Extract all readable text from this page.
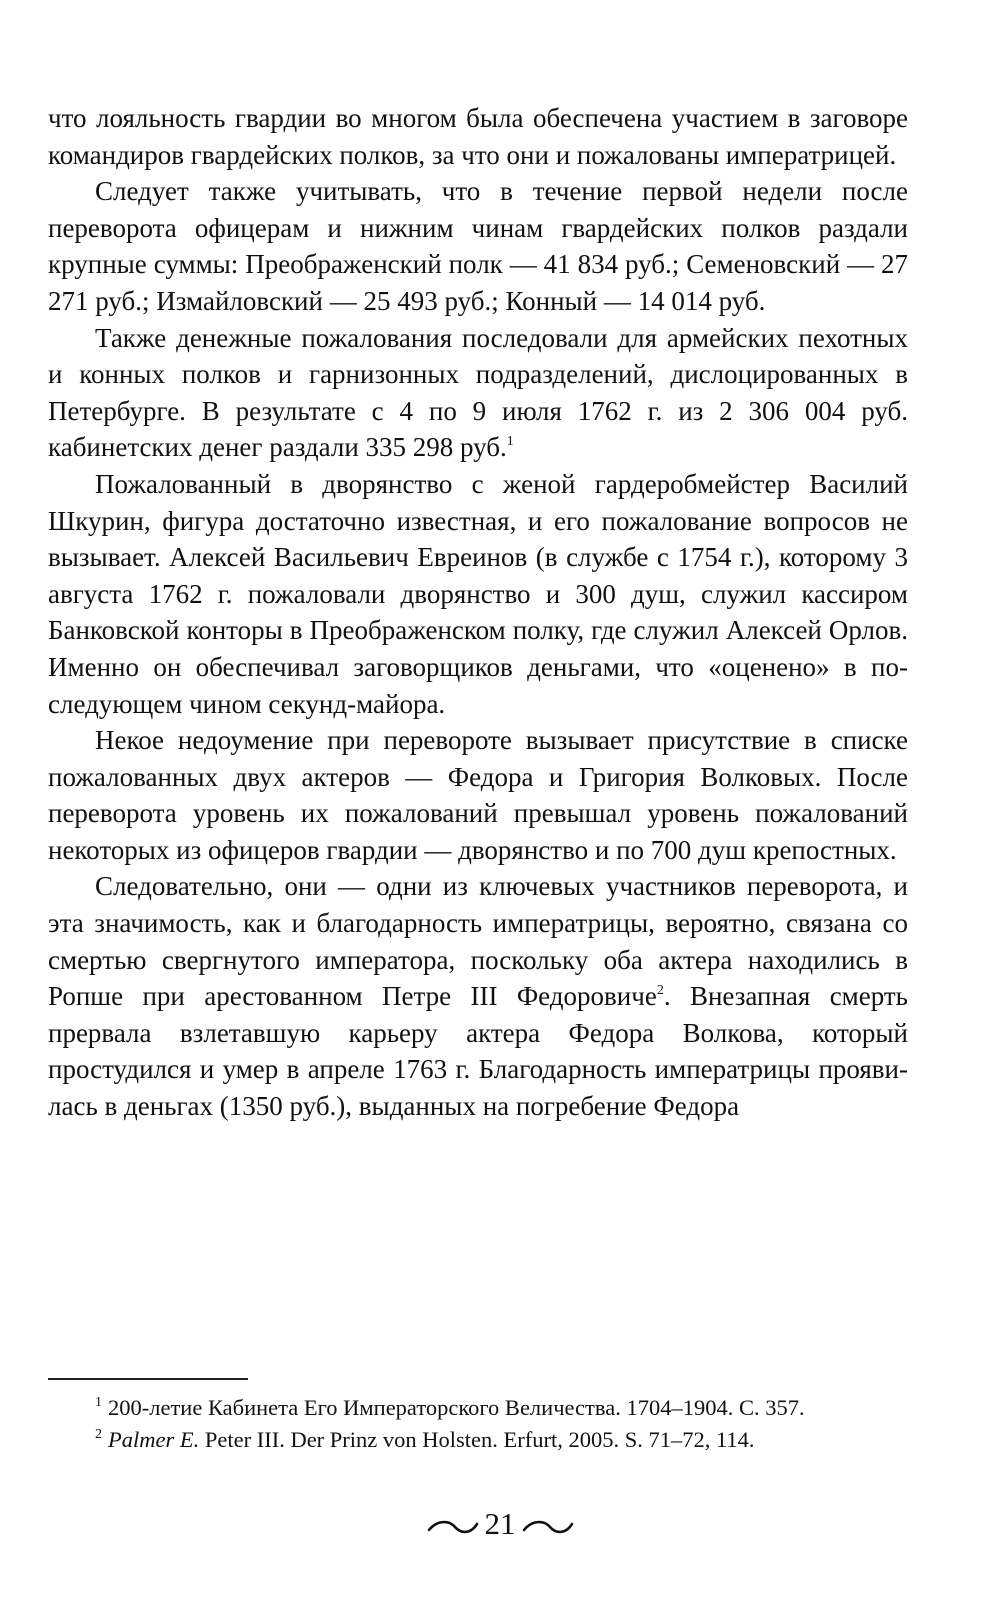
что лояльность гвардии во многом была обеспечена участием в заговоре командиров гвардейских полков, за что они и пожалованы императрицей.

Следует также учитывать, что в течение первой недели после переворота офицерам и нижним чинам гвардейских полков раздали крупные суммы: Преображенский полк — 41 834 руб.; Семеновский — 27 271 руб.; Измайловский — 25 493 руб.; Конный — 14 014 руб.

Также денежные пожалования последовали для армейских пехотных и конных полков и гарнизонных подразделений, дислоцированных в Петербурге. В результате с 4 по 9 июля 1762 г. из 2 306 004 руб. кабинетских денег раздали 335 298 руб.$^1$

Пожалованный в дворянство с женой гардеробмейстер Василий Шкурин, фигура достаточно известная, и его пожалование вопросов не вызывает. Алексей Васильевич Евреинов (в службе с 1754 г.), которому 3 августа 1762 г. пожаловали дворянство и 300 душ, служил кассиром Банковской конторы в Преображенском полку, где служил Алексей Орлов. Именно он обеспечивал заговорщиков деньгами, что «оценено» в последующем чином секунд-майора.

Некое недоумение при перевороте вызывает присутствие в списке пожалованных двух актеров — Федора и Григория Волковых. После переворота уровень их пожалований превышал уровень пожалований некоторых из офицеров гвардии — дворянство и по 700 душ крепостных.

Следовательно, они — одни из ключевых участников переворота, и эта значимость, как и благодарность императрицы, вероятно, связана со смертью свергнутого императора, поскольку оба актера находились в Ропше при арестованном Петре III Федоровиче$^2$. Внезапная смерть прервала взлетавшую карьеру актера Федора Волкова, который простудился и умер в апреле 1763 г. Благодарность императрицы проявилась в деньгах (1350 руб.), выданных на погребение Федора

$^1$ 200-летие Кабинета Его Императорского Величества. 1704–1904. С. 357.

$^2$ Palmer E. Peter III. Der Prinz von Holsten. Erfurt, 2005. S. 71–72, 114.

21
